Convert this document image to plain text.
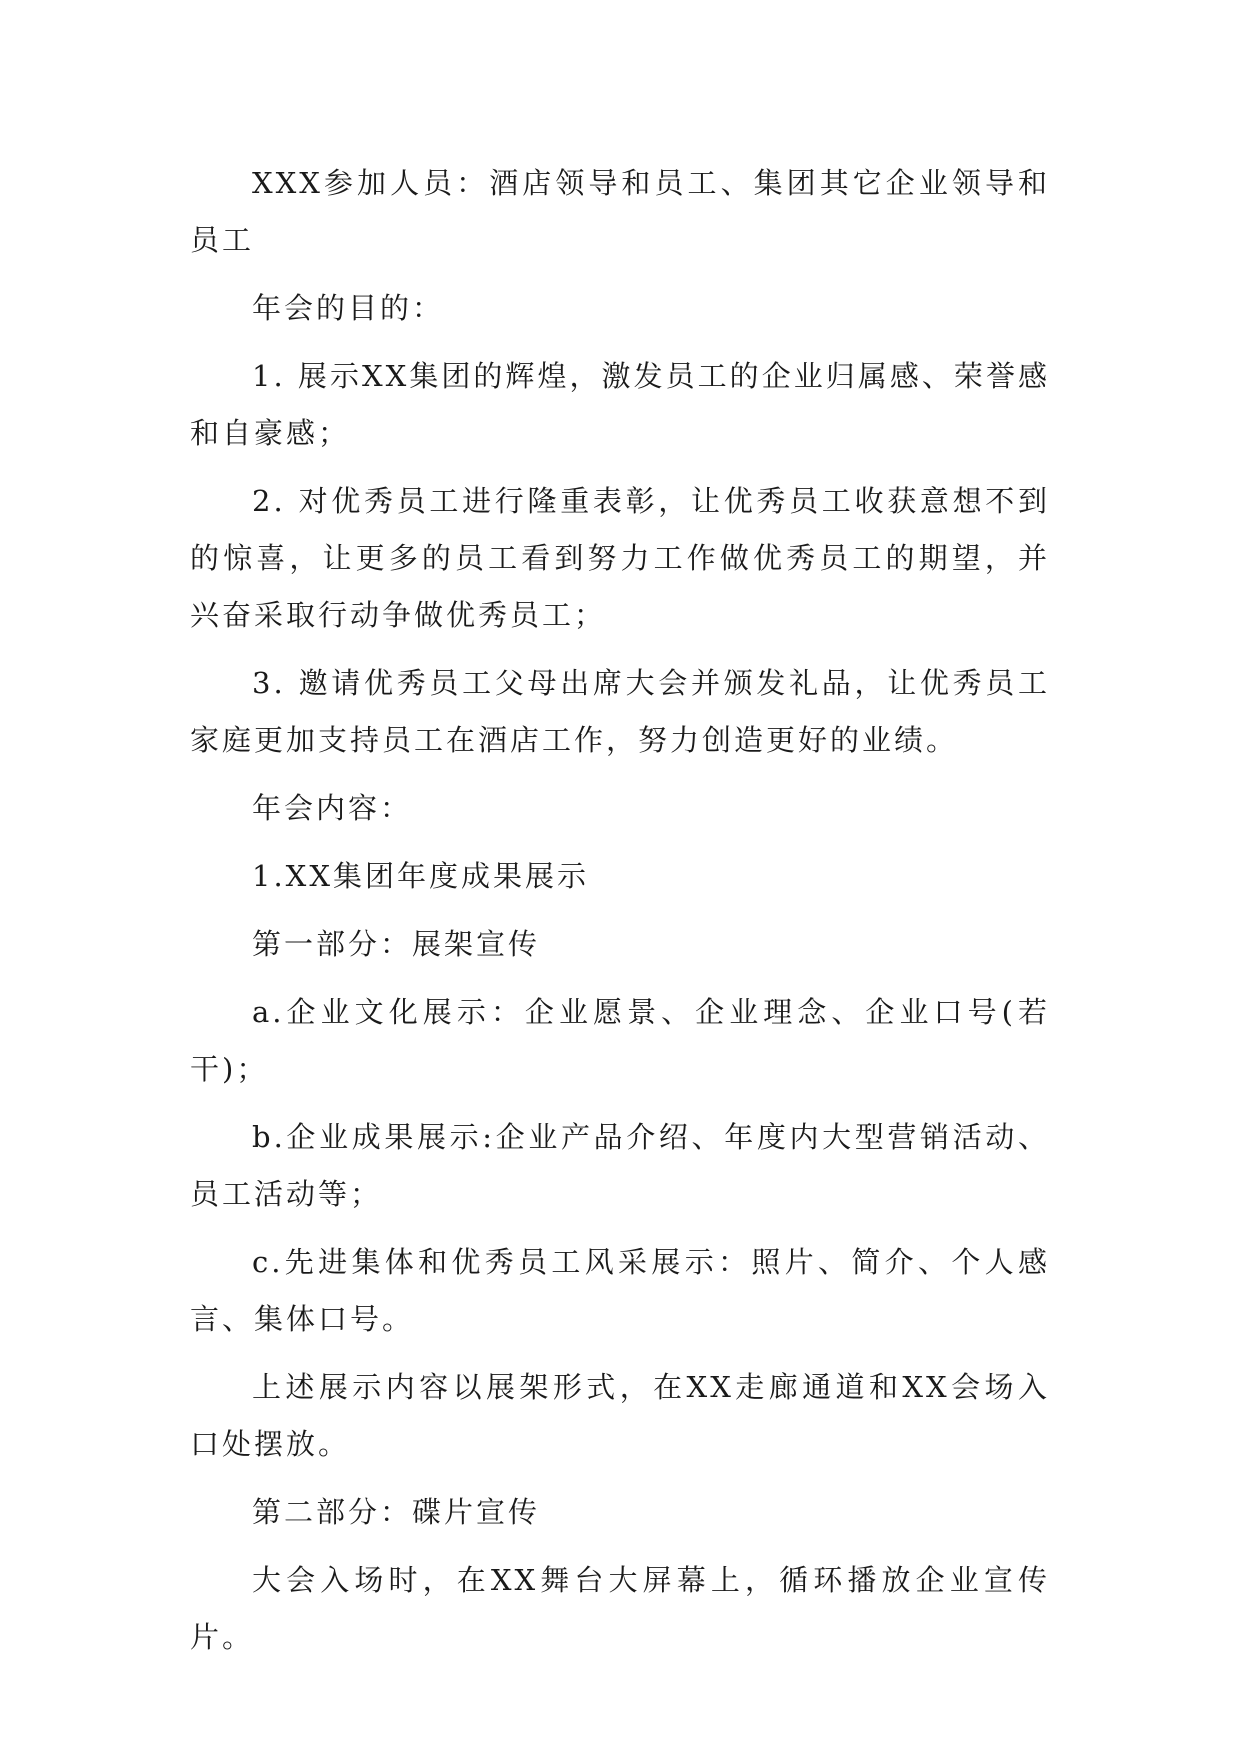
XXX参加人员：酒店领导和员工、集团其它企业领导和员工

年会的目的：

1. 展示XX集团的辉煌，激发员工的企业归属感、荣誉感和自豪感；

2. 对优秀员工进行隆重表彰，让优秀员工收获意想不到的惊喜，让更多的员工看到努力工作做优秀员工的期望，并兴奋采取行动争做优秀员工；

3. 邀请优秀员工父母出席大会并颁发礼品，让优秀员工家庭更加支持员工在酒店工作，努力创造更好的业绩。

年会内容：

1.XX集团年度成果展示

第一部分：展架宣传

a.企业文化展示：企业愿景、企业理念、企业口号(若干)；

b.企业成果展示:企业产品介绍、年度内大型营销活动、员工活动等；

c.先进集体和优秀员工风采展示：照片、简介、个人感言、集体口号。

上述展示内容以展架形式，在XX走廊通道和XX会场入口处摆放。

第二部分：碟片宣传

大会入场时，在XX舞台大屏幕上，循环播放企业宣传片。
